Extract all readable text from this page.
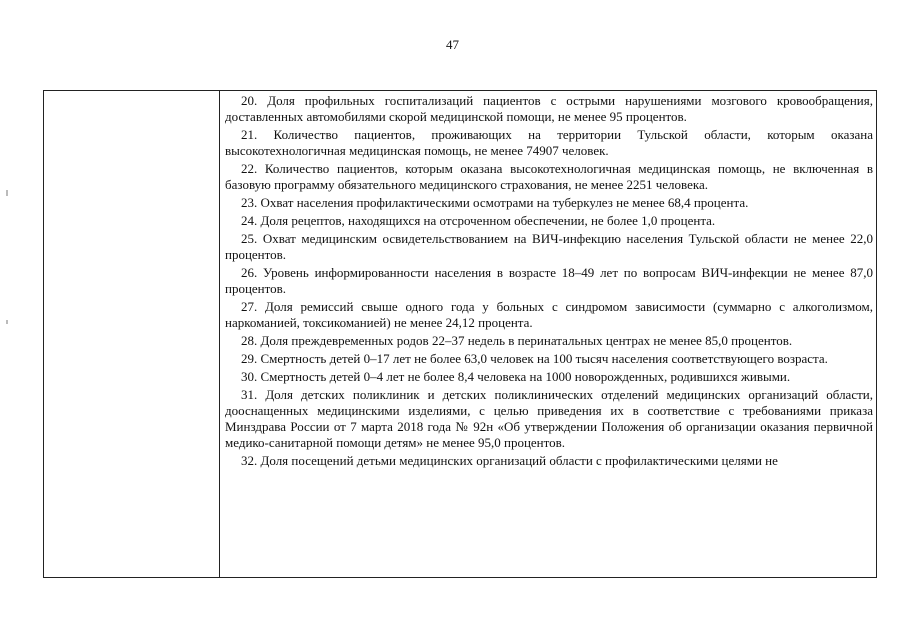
47

20. Доля профильных госпитализаций пациентов с острыми нарушениями мозгового кровообращения, доставленных автомобилями скорой медицинской помощи, не менее 95 процентов.

21. Количество пациентов, проживающих на территории Тульской области, которым оказана высокотехнологичная медицинская помощь, не менее 74907 человек.

22. Количество пациентов, которым оказана высокотехнологичная медицинская помощь, не включенная в базовую программу обязательного медицинского страхования, не менее 2251 человека.

23. Охват населения профилактическими осмотрами на туберкулез не менее 68,4 процента.

24. Доля рецептов, находящихся на отсроченном обеспечении, не более 1,0 процента.

25. Охват медицинским освидетельствованием на ВИЧ-инфекцию населения Тульской области не менее 22,0 процентов.

26. Уровень информированности населения в возрасте 18–49 лет по вопросам ВИЧ-инфекции не менее 87,0 процентов.

27. Доля ремиссий свыше одного года у больных с синдромом зависимости (суммарно с алкоголизмом, наркоманией, токсикоманией) не менее 24,12 процента.

28. Доля преждевременных родов 22–37 недель в перинатальных центрах не менее 85,0 процентов.

29. Смертность детей 0–17 лет не более 63,0 человек на 100 тысяч населения соответствующего возраста.

30. Смертность детей 0–4 лет не более 8,4 человека на 1000 новорожденных, родившихся живыми.

31. Доля детских поликлиник и детских поликлинических отделений медицинских организаций области, дооснащенных медицинскими изделиями, с целью приведения их в соответствие с требованиями приказа Минздрава России от 7 марта 2018 года № 92н «Об утверждении Положения об организации оказания первичной медико-санитарной помощи детям» не менее 95,0 процентов.

32. Доля посещений детьми медицинских организаций области с профилактическими целями не
